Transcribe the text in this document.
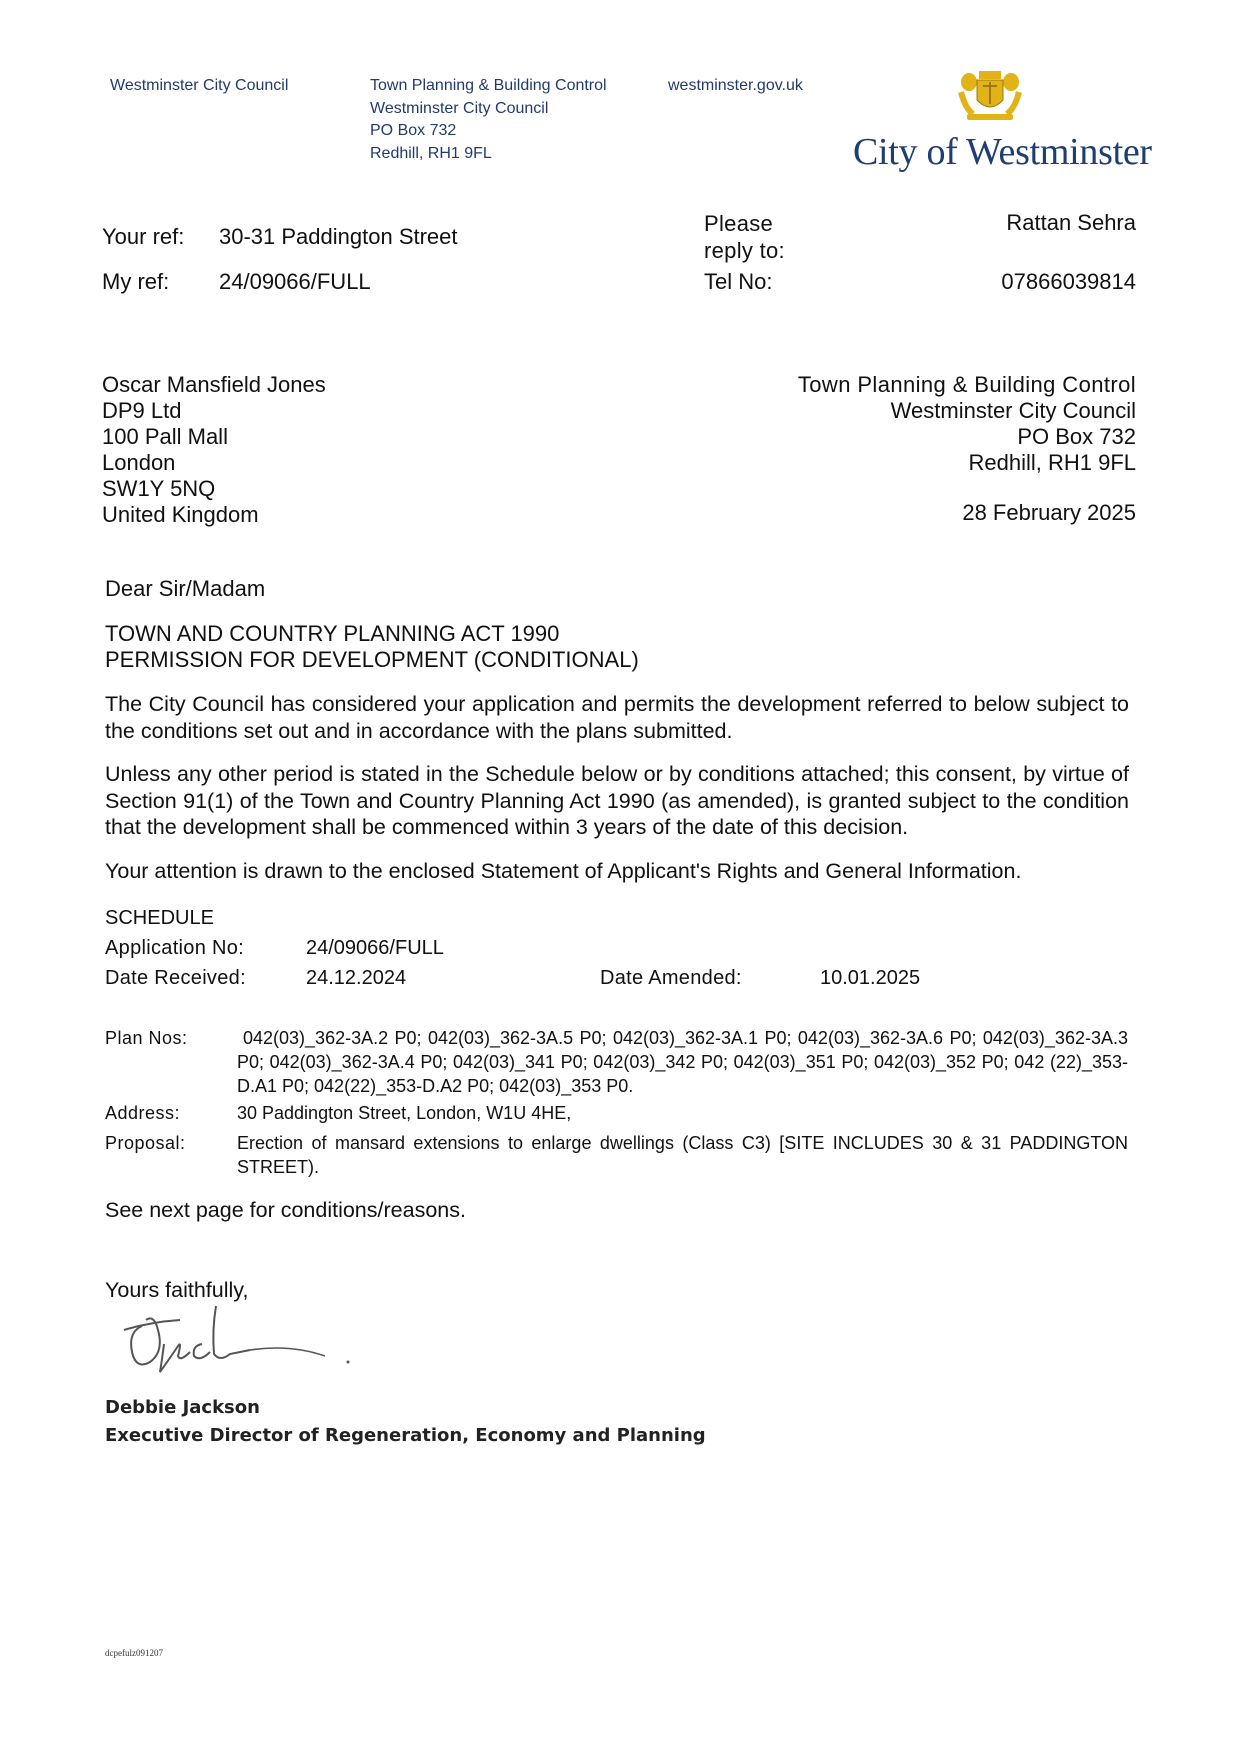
Westminster City Council	Town Planning & Building Control
Westminster City Council
PO Box 732
Redhill, RH1 9FL
westminster.gov.uk
City of Westminster
Your ref: 30-31 Paddington Street
My ref: 24/09066/FULL
Please reply to:
Rattan Sehra
Tel No:	07866039814
Oscar Mansfield Jones
DP9 Ltd
100 Pall Mall
London
SW1Y 5NQ
United Kingdom
Town Planning & Building Control
Westminster City Council
PO Box 732
Redhill, RH1 9FL
28 February 2025
Dear Sir/Madam
TOWN AND COUNTRY PLANNING ACT 1990
PERMISSION FOR DEVELOPMENT (CONDITIONAL)
The City Council has considered your application and permits the development referred to below subject to the conditions set out and in accordance with the plans submitted.
Unless any other period is stated in the Schedule below or by conditions attached; this consent, by virtue of Section 91(1) of the Town and Country Planning Act 1990 (as amended), is granted subject to the condition that the development shall be commenced within 3 years of the date of this decision.
Your attention is drawn to the enclosed Statement of Applicant's Rights and General Information.
SCHEDULE
Application No:	24/09066/FULL
Date Received:	24.12.2024	Date Amended:	10.01.2025
Plan Nos:	042(03)_362-3A.2 P0; 042(03)_362-3A.5 P0; 042(03)_362-3A.1 P0; 042(03)_362-3A.6 P0; 042(03)_362-3A.3 P0; 042(03)_362-3A.4 P0; 042(03)_341 P0; 042(03)_342 P0; 042(03)_351 P0; 042(03)_352 P0; 042 (22)_353-D.A1 P0; 042(22)_353-D.A2 P0; 042(03)_353 P0.
Address:	30 Paddington Street, London, W1U 4HE,
Proposal:	Erection of mansard extensions to enlarge dwellings (Class C3) [SITE INCLUDES 30 & 31 PADDINGTON STREET).
See next page for conditions/reasons.
Yours faithfully,
Debbie Jackson
Executive Director of Regeneration, Economy and Planning
dcpefulz091207
